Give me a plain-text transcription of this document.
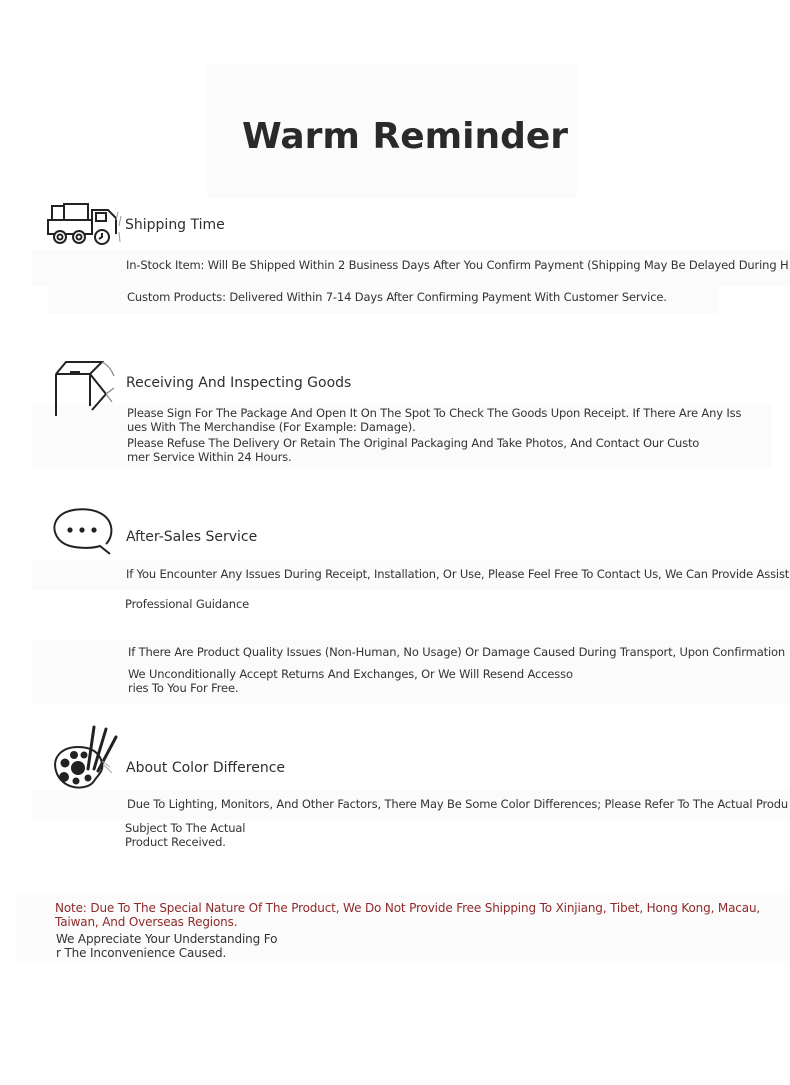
Warm Reminder
Shipping Time
In-Stock Item: Will Be Shipped Within 2 Business Days After You Confirm Payment (Shipping May Be Delayed During H
Custom Products: Delivered Within 7-14 Days After Confirming Payment With Customer Service.
Receiving And Inspecting Goods
Please Sign For The Package And Open It On The Spot To Check The Goods Upon Receipt. If There Are Any Iss
ues With The Merchandise (For Example: Damage).
Please Refuse The Delivery Or Retain The Original Packaging And Take Photos, And Contact Our Custo
mer Service Within 24 Hours.
After-Sales Service
If You Encounter Any Issues During Receipt, Installation, Or Use, Please Feel Free To Contact Us, We Can Provide Assist
Professional Guidance
If There Are Product Quality Issues (Non-Human, No Usage) Or Damage Caused During Transport, Upon Confirmation
We Unconditionally Accept Returns And Exchanges, Or We Will Resend Accesso
ries To You For Free.
About Color Difference
Due To Lighting, Monitors, And Other Factors, There May Be Some Color Differences; Please Refer To The Actual Produ
Subject To The Actual
Product Received.
Note: Due To The Special Nature Of The Product, We Do Not Provide Free Shipping To Xinjiang, Tibet, Hong Kong, Macau,
Taiwan, And Overseas Regions.
We Appreciate Your Understanding Fo
r The Inconvenience Caused.
